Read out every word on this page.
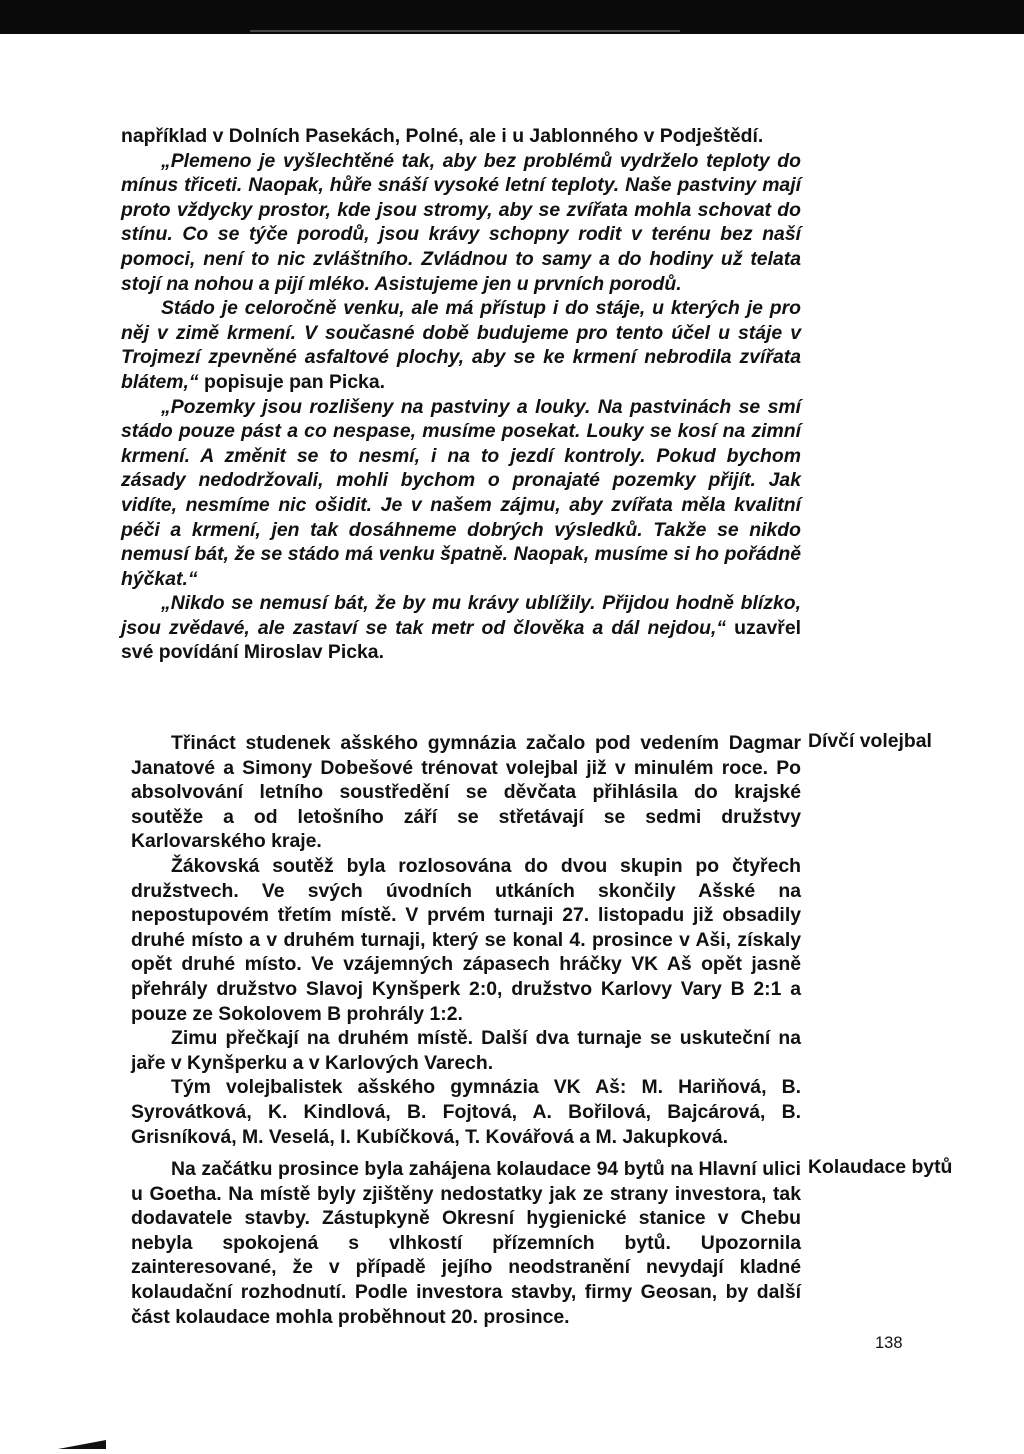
například v Dolních Pasekách, Polné, ale i u Jablonného v Podještědí.

„Plemeno je vyšlechtěné tak, aby bez problémů vydrželo teploty do mínus třiceti. Naopak, hůře snáší vysoké letní teploty. Naše pastviny mají proto vždycky prostor, kde jsou stromy, aby se zvířata mohla schovat do stínu. Co se týče porodů, jsou krávy schopny rodit v terénu bez naší pomoci, není to nic zvláštního. Zvládnou to samy a do hodiny už telata stojí na nohou a pijí mléko. Asistujeme jen u prvních porodů.

Stádo je celoročně venku, ale má přístup i do stáje, u kterých je pro něj v zimě krmení. V současné době budujeme pro tento účel u stáje v Trojmezí zpevněné asfaltové plochy, aby se ke krmení nebrodila zvířata blátem,“ popisuje pan Picka.

„Pozemky jsou rozlišeny na pastviny a louky. Na pastvinách se smí stádo pouze pást a co nespase, musíme posekat. Louky se kosí na zimní krmení. A změnit se to nesmí, i na to jezdí kontroly. Pokud bychom zásady nedodržovali, mohli bychom o pronajaté pozemky přijít. Jak vidíte, nesmíme nic ošidit. Je v našem zájmu, aby zvířata měla kvalitní péči a krmení, jen tak dosáhneme dobrých výsledků. Takže se nikdo nemusí bát, že se stádo má venku špatně. Naopak, musíme si ho pořádně hýčkat.“

„Nikdo se nemusí bát, že by mu krávy ublížily. Přijdou hodně blízko, jsou zvědavé, ale zastaví se tak metr od člověka a dál nejdou,“ uzavřel své povídání Miroslav Picka.

Dívčí volejbal

Třináct studenek ašského gymnázia začalo pod vedením Dagmar Janatové a Simony Dobešové trénovat volejbal již v minulém roce. Po absolvování letního soustředění se děvčata přihlásila do krajské soutěže a od letošního září se střetávají se sedmi družstvy Karlovarského kraje.

Žákovská soutěž byla rozlosována do dvou skupin po čtyřech družstvech. Ve svých úvodních utkáních skončily Ašské na nepostupovém třetím místě. V prvém turnaji 27. listopadu již obsadily druhé místo a v druhém turnaji, který se konal 4. prosince v Aši, získaly opět druhé místo. Ve vzájemných zápasech hráčky VK Aš opět jasně přehrály družstvo Slavoj Kynšperk 2:0, družstvo Karlovy Vary B 2:1 a pouze ze Sokolovem B prohrály 1:2.

Zimu přečkají na druhém místě. Další dva turnaje se uskuteční na jaře v Kynšperku a v Karlových Varech.

Tým volejbalistek ašského gymnázia VK Aš: M. Hariňová, B. Syrovátková, K. Kindlová, B. Fojtová, A. Bořilová, Bajcárová, B. Grisníková, M. Veselá, I. Kubíčková, T. Kovářová a M. Jakupková.

Kolaudace bytů

Na začátku prosince byla zahájena kolaudace 94 bytů na Hlavní ulici u Goetha. Na místě byly zjištěny nedostatky jak ze strany investora, tak dodavatele stavby. Zástupkyně Okresní hygienické stanice v Chebu nebyla spokojená s vlhkostí přízemních bytů. Upozornila zainteresované, že v případě jejího neodstranění nevydají kladné kolaudační rozhodnutí. Podle investora stavby, firmy Geosan, by další část kolaudace mohla proběhnout 20. prosince.

138
